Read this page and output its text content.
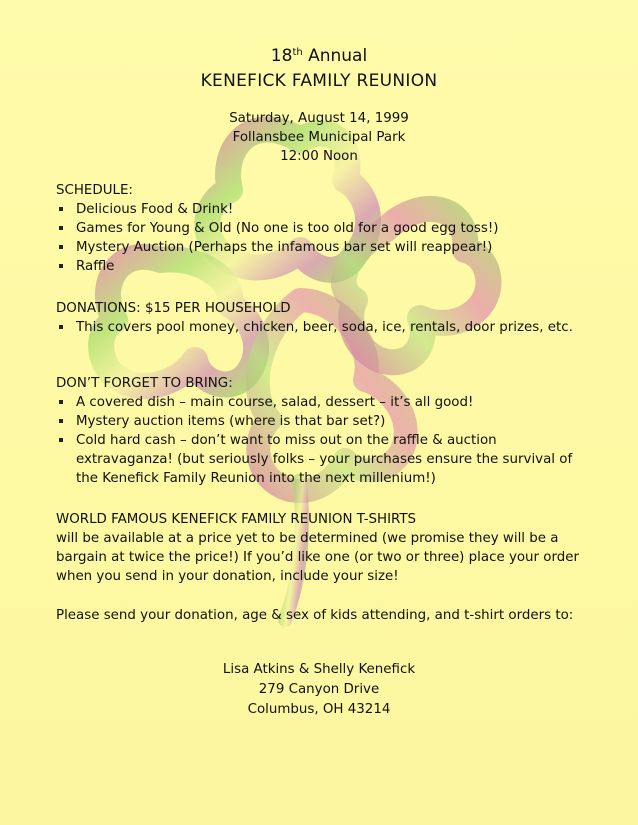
18th Annual
KENEFICK FAMILY REUNION
Saturday, August 14, 1999
Follansbee Municipal Park
12:00 Noon
SCHEDULE:
Delicious Food & Drink!
Games for Young & Old (No one is too old for a good egg toss!)
Mystery Auction (Perhaps the infamous bar set will reappear!)
Raffle
DONATIONS: $15 PER HOUSEHOLD
This covers pool money, chicken, beer, soda, ice, rentals, door prizes, etc.
DON’T FORGET TO BRING:
A covered dish – main course, salad, dessert – it’s all good!
Mystery auction items (where is that bar set?)
Cold hard cash – don’t want to miss out on the raffle & auction extravaganza! (but seriously folks – your purchases ensure the survival of the Kenefick Family Reunion into the next millenium!)
WORLD FAMOUS KENEFICK FAMILY REUNION T-SHIRTS
will be available at a price yet to be determined (we promise they will be a bargain at twice the price!) If you’d like one (or two or three) place your order when you send in your donation, include your size!
Please send your donation, age & sex of kids attending, and t-shirt orders to:
Lisa Atkins & Shelly Kenefick
279 Canyon Drive
Columbus, OH 43214
